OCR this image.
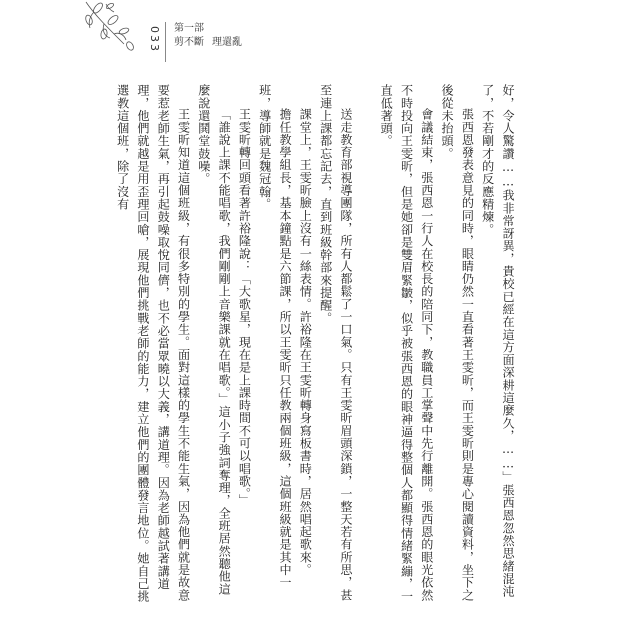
033 第一部
剪不斷 理還亂

好，令人驚讚……我非常訝異，貴校已經在這方面深耕這麼久，……」張西恩忽然思緒混沌了，不若剛才的反應精煉。

張西恩發表意見的同時，眼睛仍然一直看著王雯昕，而王雯昕則是專心閱讀資料，坐下之後從未抬頭。

會議結束，張西恩一行人在校長的陪同下，教職員工掌聲中先行離開。張西恩的眼光依然不時投向王雯昕，但是她卻是雙眉緊皺，似乎被張西恩的眼神逼得整個人都顯得情緒緊繃，一直低著頭。

送走教育部視導團隊，所有人都鬆了一口氣。只有王雯昕眉頭深鎖，一整天若有所思，甚至連上課都忘記去，直到班級幹部來提醒。

課堂上，王雯昕臉上沒有一絲表情。許裕隆在王雯昕轉身寫板書時，居然唱起歌來。

擔任教學組長，基本鐘點是六節課，所以王雯昕只任教兩個班級，這個班級就是其中一班，導師就是魏冠翰。

王雯昕轉回頭看著許裕隆說：「大歌星，現在是上課時間不可以唱歌。」

「誰說上課不能唱歌，我們剛剛上音樂課就在唱歌。」這小子強詞奪理，全班居然聽他這麼說還鬨堂鼓噪。

王雯昕知道這個班級，有很多特別的學生。面對這樣的學生不能生氣，因為他們就是故意要惹老師生氣，再引起鼓噪取悅同儕，也不必當眾曉以大義，講道理。因為老師越試著講道理，他們就越是用歪理回嗆，展現他們挑戰老師的能力，建立他們的團體發言地位。她自己挑選教這個班，除了沒有
